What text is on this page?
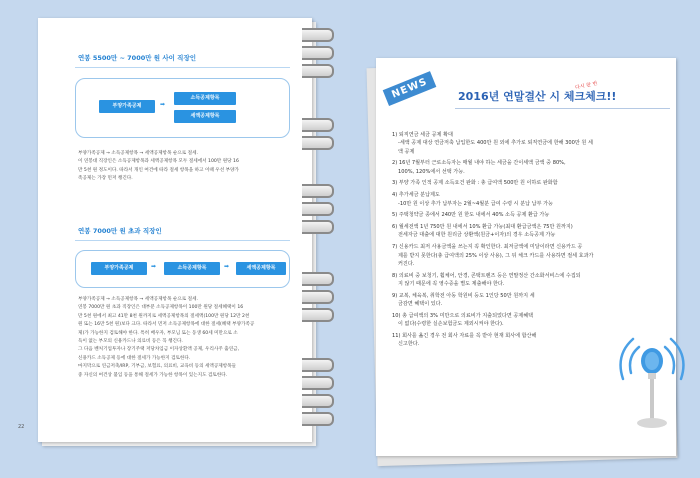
연봉 5500만 ~ 7000만 원 사이 직장인
부양가족공제	➡
소득공제항목
세액공제항목

부양가족공제 → 소득공제항목 → 세액공제항목 순으로 절세.

이 연봉대 직장인은 소득공제항목과 세액공제항목 모두 절세에서 100만 원당 16

만 5천 원 정도이다. 따라서 개인 여건에 따라 절세 항목을 하고 이때 우선 부양가

족공제는 가장 먼저 챙긴다.

연봉 7000만 원 초과 직장인
부양가족공제	➡	소득공제항목	➡	세액공제항목

부양가족공제 → 소득공제항목 → 세액공제항목 순으로 절세.

연봉 7000만 원 초과 직장인은 대부분 소득공제항목이 100만 원당 절세혜택이 16

만 5천 원에서 최고 41만 8천 원까지로 세액공제항목의 절세액(100만 원당 12만 2천

원 또는 16만 5천 원)보다 크다. 따라서 먼저 소득공제항목에 대한 절세(혜택 부양가족공

제)가 가능한지 검토해야 한다. 특히 배우자, 부모님 또는 동생 60세 미만으로 소

득이 없는 부모의 신용카드나 의료비 등은 꼭 챙긴다.

그 다음 벤처기업투자나 장기주택 저당차입금 이자상환액 공제, 우리사주 출연금,

신용카드 소득공제 등에 대한 절세가 가능한지 검토한다.

마지막으로 연금저축/IRP, 기부금, 보험료, 의료비, 교육비 등의 세액공제항목들

중 자신의 여건상 불입 등을 통해 절세가 가능한 항목이 있는지도 검토한다.

22
NEWS	2016년 연말결산 시 체크체크!!
다시 한 번
1) 퇴직연금 세금 공제 확대
-세액 공제 대상 연금저축 납입한도 400만 원 외에 추가로 퇴직연금에 한해 300만 원 세
액 공제
2) 16년 7월부터 근로소득자는 매월 내야 하는 세금을 간이세액 금액 중 80%,
100%, 120%에서 선택 가능.
3) 부양 가족 인적 공제 소득요건 완화 : 총 급여액 500만 원 이하로 완화함
4) 추가세금 분납제도
-10만 원 이상 추가 납부자는 2월~4월분 급여 수령 시 분납 납부 가능
5) 주택청약금 종에서 240만 원 한도 내에서 40% 소득 공제 환급 가능
6) 월세전액 1년 750만 원 내에서 10% 환급 가능(최대 환급금액은 75만 원까지)
전세자금 대출에 대한 원리금 상환액(원금+이자)의 경우 소득공제 가능
7) 신용카드 최저 사용금액을 쓰는지 꼭 확인한다. 최저금액에 미달이라면 신용카드 공
제를 받지 못한다(총 급여액의 25% 이상 사용), 그 뒤 체크 카드를 사용하면 절세 효과가
커진다.
8) 의료비 중 보청기, 휠체어, 안경, 콘택트렌즈 등은 연말정산 간소화서비스에 수집되
지 않기 때문에 꼭 영수증을 별도 제출해야 한다.
9) 교복, 체육복, 취학전 아동 학원비 등도 1인당 50만 원까지 세
금감면 혜택이 있다.
10) 총 급여액의 3% 미만으로 의료비가 지출되었다면 공제혜택
이 없다(수령한 실손보험금도 제외시켜야 한다).
11) 회사를 옮긴 경우 전 회사 자료를 꼭 받아 현재 회사에 합산해
신고한다.
